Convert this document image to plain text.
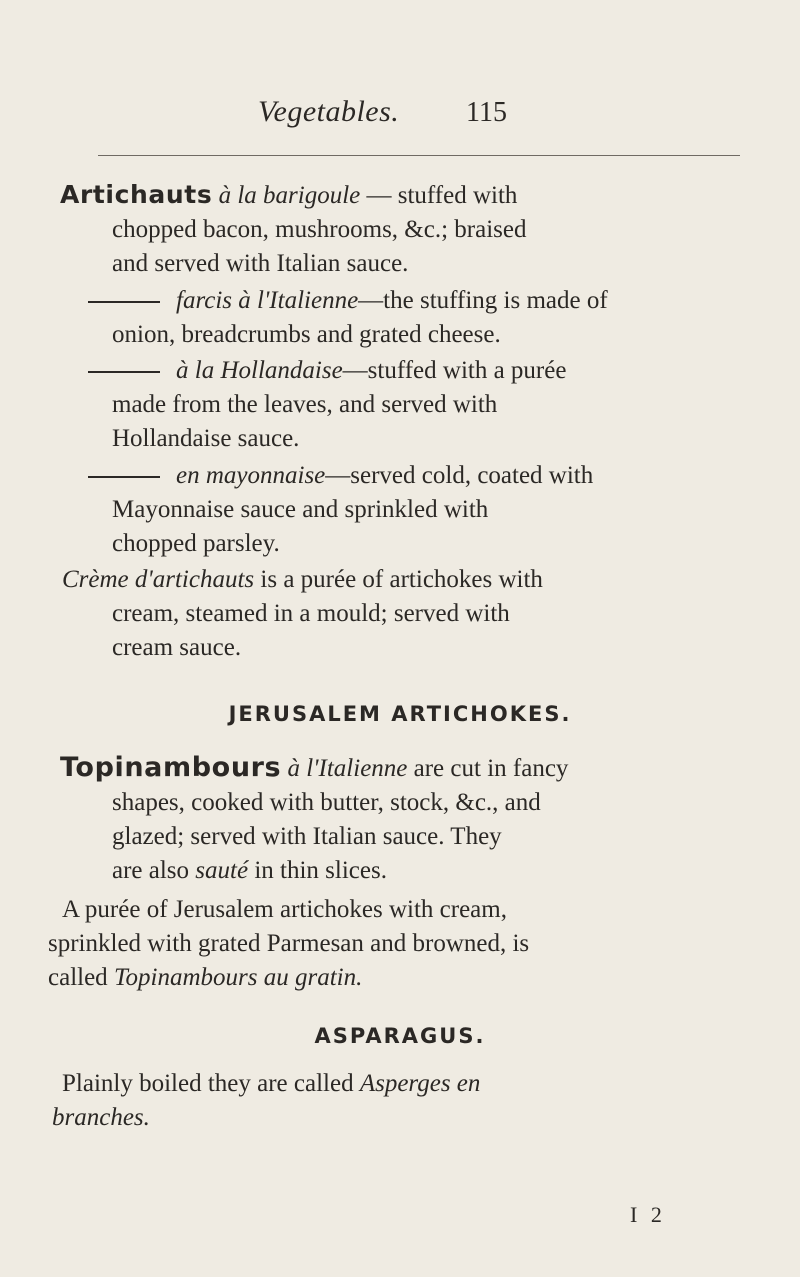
Vegetables. 115
Artichauts à la barigoule — stuffed with
chopped bacon, mushrooms, &c.; braised
and served with Italian sauce.
farcis à l'Italienne—the stuffing is made of
onion, breadcrumbs and grated cheese.
à la Hollandaise—stuffed with a purée
made from the leaves, and served with
Hollandaise sauce.
en mayonnaise—served cold, coated with
Mayonnaise sauce and sprinkled with
chopped parsley.
Crème d'artichauts is a purée of artichokes with
cream, steamed in a mould; served with
cream sauce.
JERUSALEM ARTICHOKES.
Topinambours à l'Italienne are cut in fancy
shapes, cooked with butter, stock, &c., and
glazed; served with Italian sauce. They
are also sauté in thin slices.
A purée of Jerusalem artichokes with cream,
sprinkled with grated Parmesan and browned, is
called Topinambours au gratin.
ASPARAGUS.
Plainly boiled they are called Asperges en
branches.
I 2
